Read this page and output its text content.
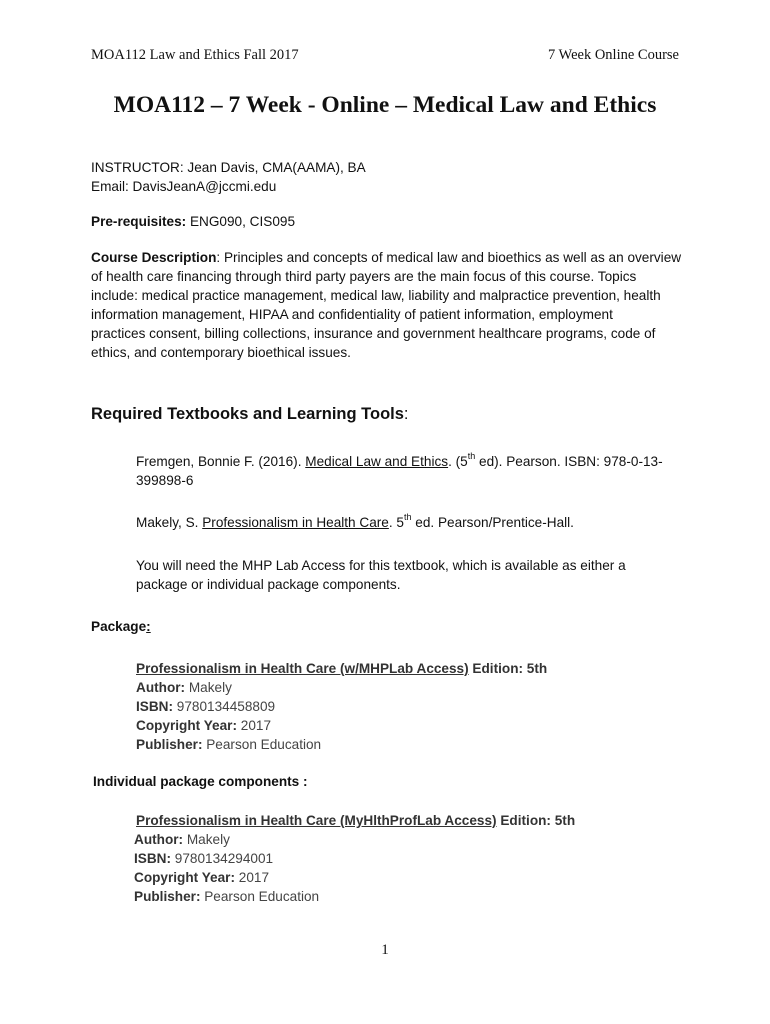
MOA112 Law and Ethics Fall 2017	7 Week Online Course
MOA112 – 7 Week - Online – Medical Law and Ethics
INSTRUCTOR: Jean Davis, CMA(AAMA), BA
Email: DavisJeanA@jccmi.edu
Pre-requisites: ENG090, CIS095
Course Description: Principles and concepts of medical law and bioethics as well as an overview
of health care financing through third party payers are the main focus of this course. Topics
include: medical practice management, medical law, liability and malpractice prevention, health
information management, HIPAA and confidentiality of patient information, employment
practices consent, billing collections, insurance and government healthcare programs, code of
ethics, and contemporary bioethical issues.
Required Textbooks and Learning Tools:
Fremgen, Bonnie F. (2016). Medical Law and Ethics. (5th ed). Pearson. ISBN: 978-0-13-
399898-6
Makely, S. Professionalism in Health Care. 5th ed. Pearson/Prentice-Hall.
You will need the MHP Lab Access for this textbook, which is available as either a
package or individual package components.
Package:
Professionalism in Health Care (w/MHPLab Access) Edition: 5th
Author: Makely
ISBN: 9780134458809
Copyright Year: 2017
Publisher: Pearson Education
Individual package components :
Professionalism in Health Care (MyHlthProfLab Access) Edition: 5th
Author: Makely
ISBN: 9780134294001
Copyright Year: 2017
Publisher: Pearson Education
1
